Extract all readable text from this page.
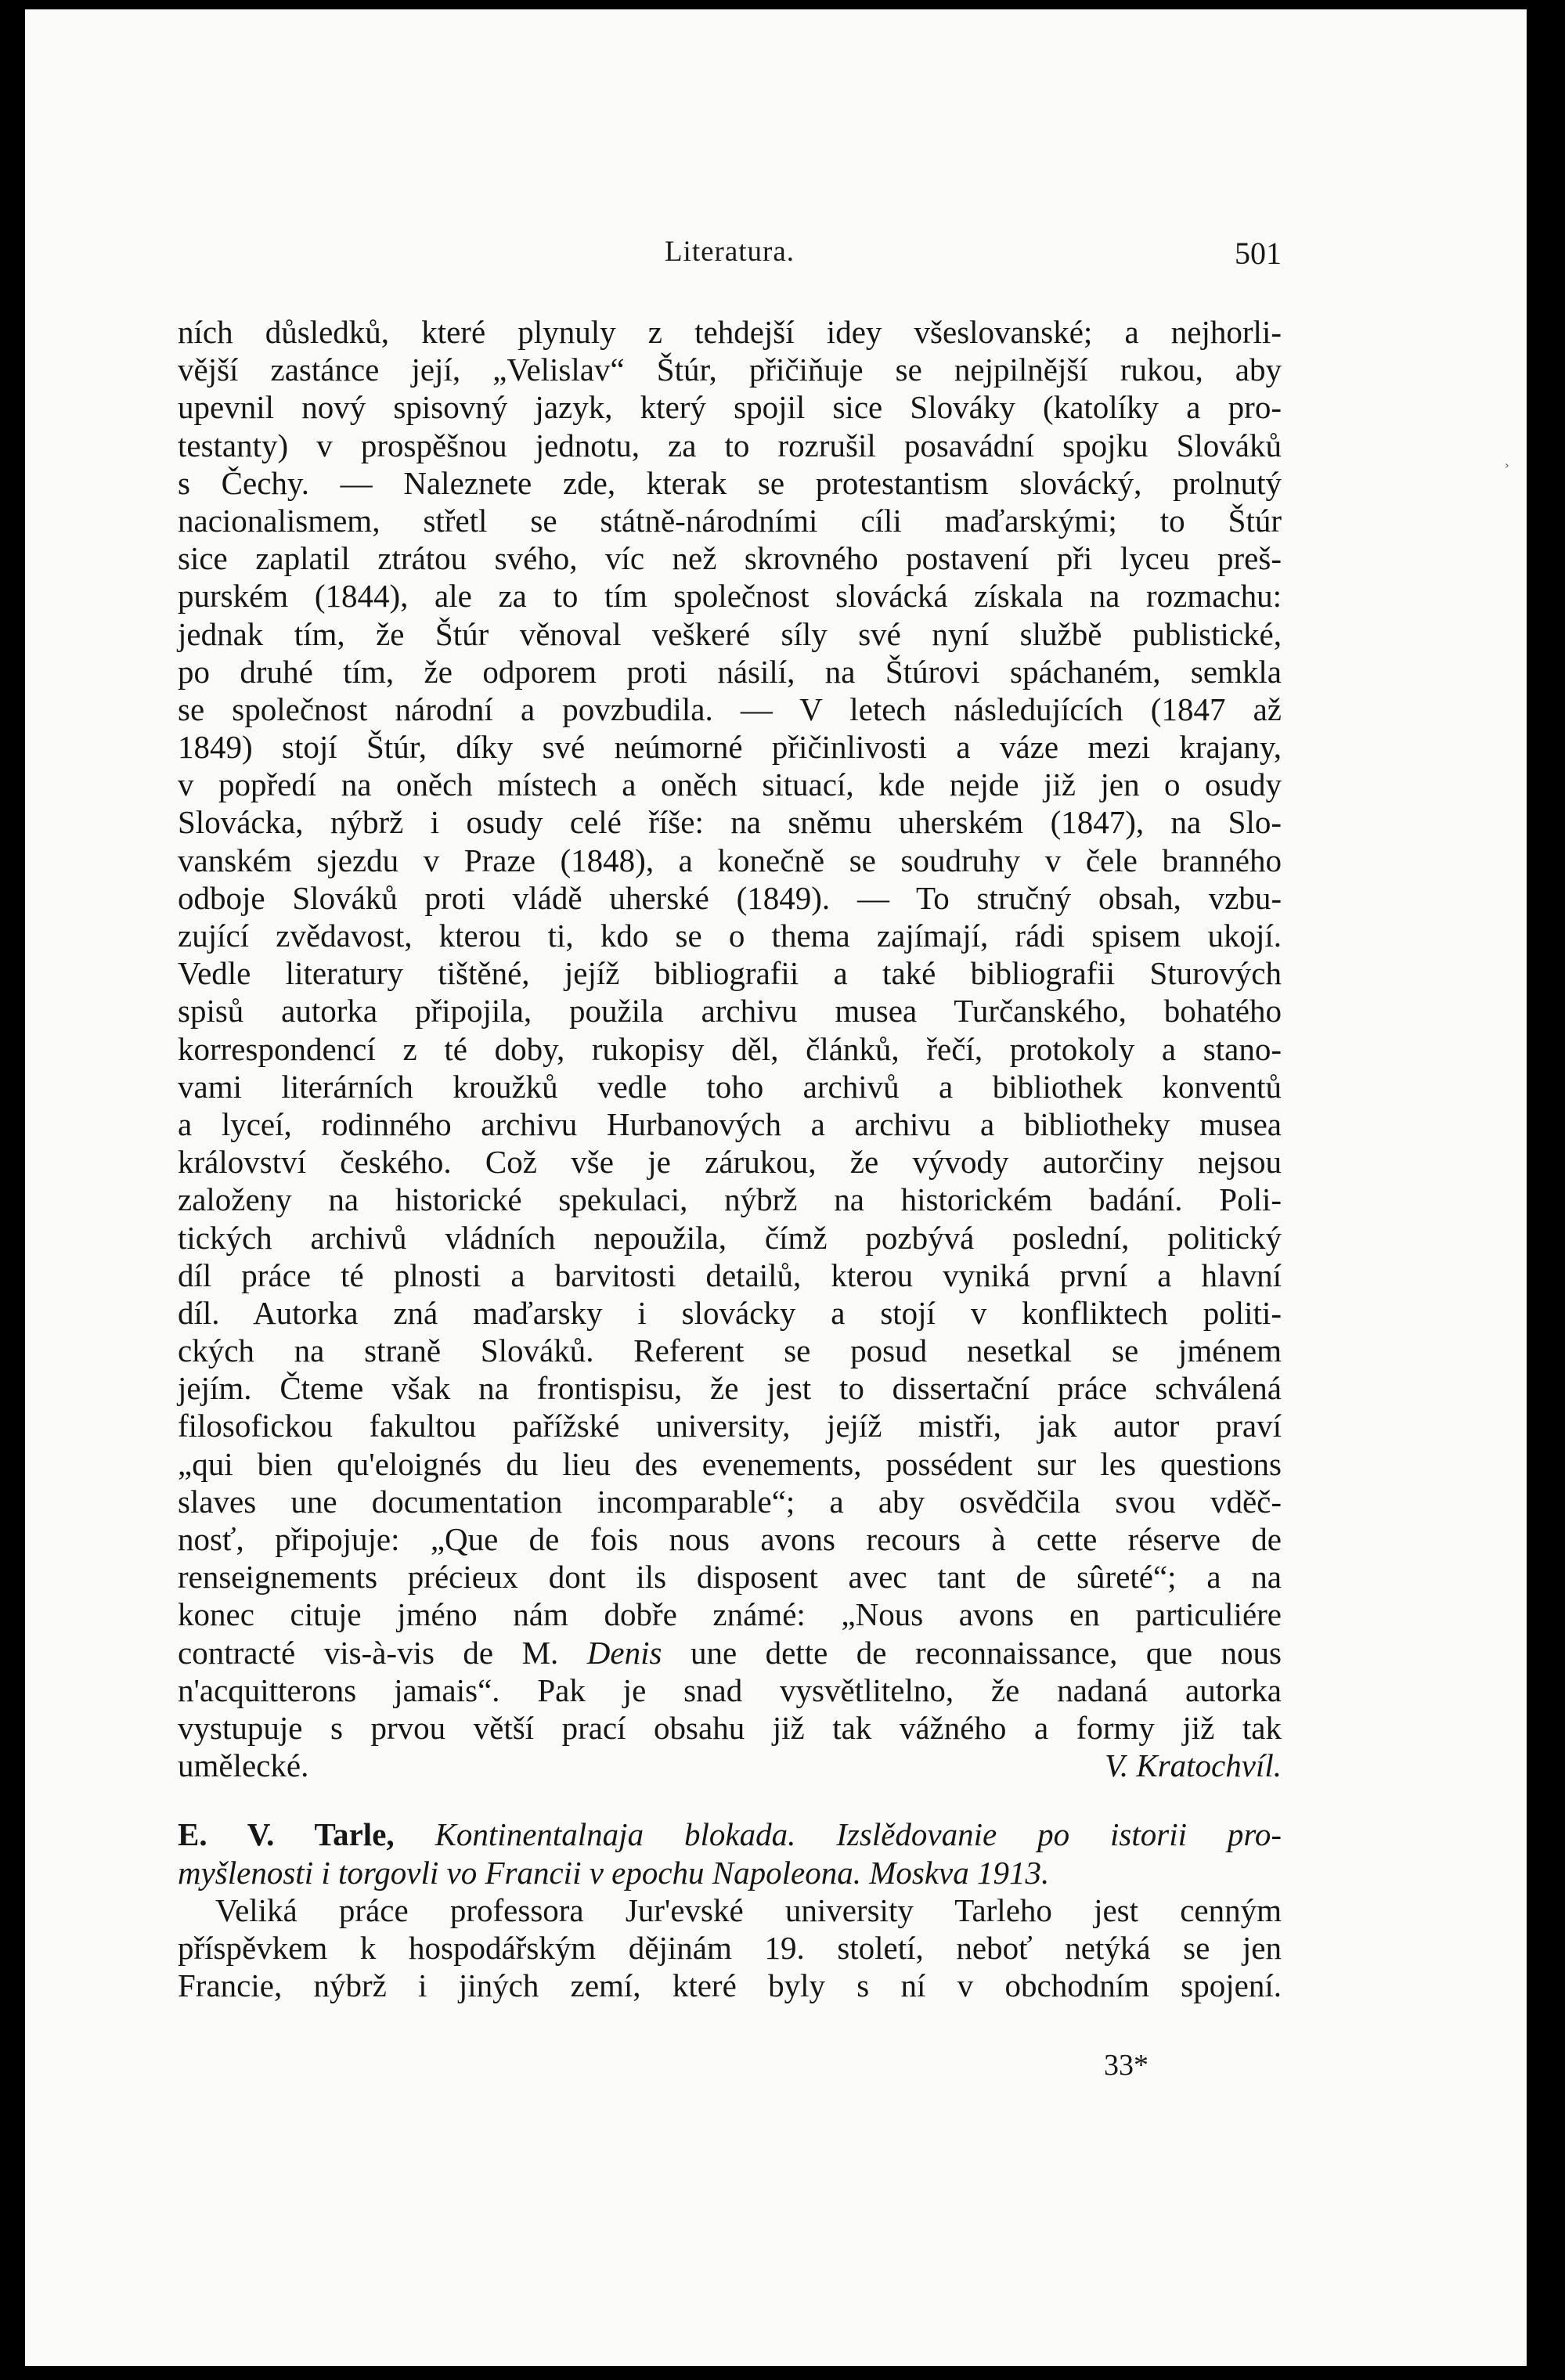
Literatura.	501
ních důsledků, které plynuly z tehdejší idey všeslovanské; a nejhorli-
vější zastánce její, „Velislav“ Štúr, přičiňuje se nejpilnější rukou, aby
upevnil nový spisovný jazyk, který spojil sice Slováky (katolíky a pro-
testanty) v prospěšnou jednotu, za to rozrušil posavádní spojku Slováků
s Čechy. — Naleznete zde, kterak se protestantism slovácký, prolnutý
nacionalismem, střetl se státně-národními cíli maďarskými; to Štúr
sice zaplatil ztrátou svého, víc než skrovného postavení při lyceu preš-
purském (1844), ale za to tím společnost slovácká získala na rozmachu:
jednak tím, že Štúr věnoval veškeré síly své nyní službě publistické,
po druhé tím, že odporem proti násilí, na Štúrovi spáchaném, semkla
se společnost národní a povzbudila. — V letech následujících (1847 až
1849) stojí Štúr, díky své neúmorné přičinlivosti a váze mezi krajany,
v popředí na oněch místech a oněch situací, kde nejde již jen o osudy
Slovácka, nýbrž i osudy celé říše: na sněmu uherském (1847), na Slo-
vanském sjezdu v Praze (1848), a konečně se soudruhy v čele branného
odboje Slováků proti vládě uherské (1849). — To stručný obsah, vzbu-
zující zvědavost, kterou ti, kdo se o thema zajímají, rádi spisem ukojí.
Vedle literatury tištěné, jejíž bibliografii a také bibliografii Sturových
spisů autorka připojila, použila archivu musea Turčanského, bohatého
korrespondencí z té doby, rukopisy děl, článků, řečí, protokoly a stano-
vami literárních kroužků vedle toho archivů a bibliothek konventů
a lyceí, rodinného archivu Hurbanových a archivu a bibliotheky musea
království českého. Což vše je zárukou, že vývody autorčiny nejsou
založeny na historické spekulaci, nýbrž na historickém badání. Poli-
tických archivů vládních nepoužila, čímž pozbývá poslední, politický
díl práce té plnosti a barvitosti detailů, kterou vyniká první a hlavní
díl. Autorka zná maďarsky i slovácky a stojí v konfliktech politi-
ckých na straně Slováků. Referent se posud nesetkal se jménem
jejím. Čteme však na frontispisu, že jest to dissertační práce schválená
filosofickou fakultou pařížské university, jejíž mistři, jak autor praví
„qui bien qu'eloignés du lieu des evenements, possédent sur les questions
slaves une documentation incomparable“; a aby osvědčila svou vděč-
nosť, připojuje: „Que de fois nous avons recours à cette réserve de
renseignements précieux dont ils disposent avec tant de sûreté“; a na
konec cituje jméno nám dobře známé: „Nous avons en particuliére
contracté vis-à-vis de M. Denis une dette de reconnaissance, que nous
n'acquitterons jamais“. Pak je snad vysvětlitelno, že nadaná autorka
vystupuje s prvou větší prací obsahu již tak vážného a formy již tak
umělecké.	V. Kratochvíl.
E. V. Tarle, Kontinentalnaja blokada. Izslědovanie po istorii pro-
myšlenosti i torgovli vo Francii v epochu Napoleona. Moskva 1913.
Veliká práce professora Jur'evské university Tarleho jest cenným
příspěvkem k hospodářským dějinám 19. století, neboť netýká se jen
Francie, nýbrž i jiných zemí, které byly s ní v obchodním spojení.
33*
›
